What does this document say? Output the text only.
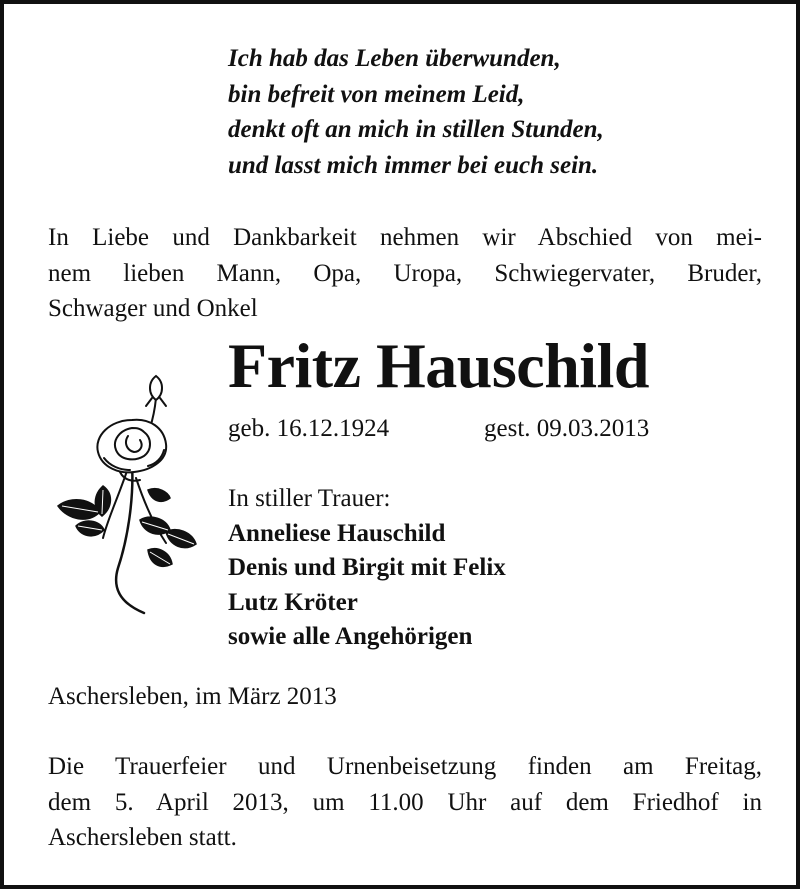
Ich hab das Leben überwunden,
bin befreit von meinem Leid,
denkt oft an mich in stillen Stunden,
und lasst mich immer bei euch sein.
In Liebe und Dankbarkeit nehmen wir Abschied von mei-
nem lieben Mann, Opa, Uropa, Schwiegervater, Bruder,
Schwager und Onkel
Fritz Hauschild
geb. 16.12.1924	gest. 09.03.2013
In stiller Trauer:
Anneliese Hauschild
Denis und Birgit mit Felix
Lutz Kröter
sowie alle Angehörigen
Aschersleben, im März 2013
Die Trauerfeier und Urnenbeisetzung finden am Freitag,
dem 5. April 2013, um 11.00 Uhr auf dem Friedhof in
Aschersleben statt.
